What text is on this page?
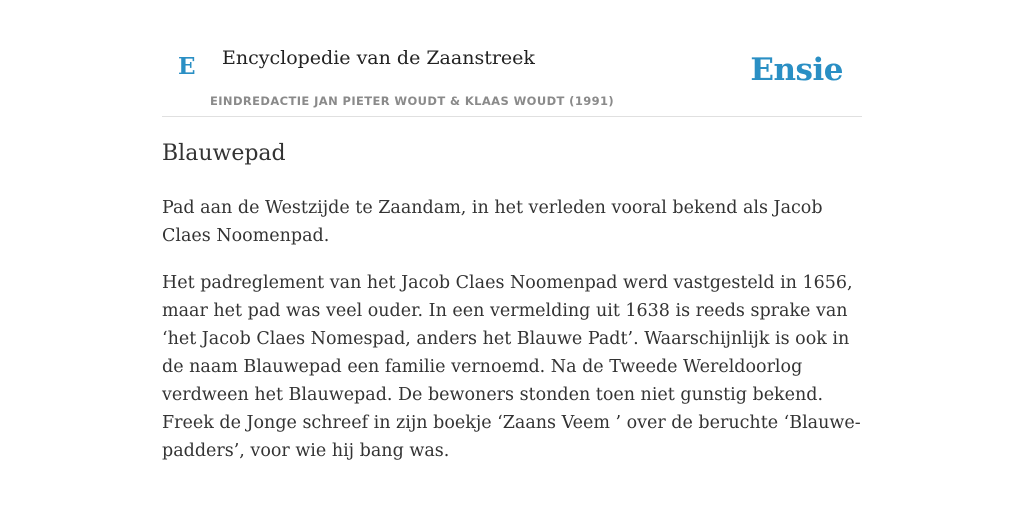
E Encyclopedie van de Zaanstreek
EINDREDACTIE JAN PIETER WOUDT & KLAAS WOUDT (1991)
Ensie
Blauwepad

Pad aan de Westzijde te Zaandam, in het verleden vooral bekend als Jacob Claes Noomenpad.

Het padreglement van het Jacob Claes Noomenpad werd vastgesteld in 1656, maar het pad was veel ouder. In een vermelding uit 1638 is reeds sprake van ‘het Jacob Claes Nomespad, anders het Blauwe Padt’. Waarschijnlijk is ook in de naam Blauwepad een familie vernoemd. Na de Tweede Wereldoorlog verdween het Blauwepad. De bewoners stonden toen niet gunstig bekend. Freek de Jonge schreef in zijn boekje ‘Zaans Veem ’ over de beruchte ‘Blauwe-padders’, voor wie hij bang was.
